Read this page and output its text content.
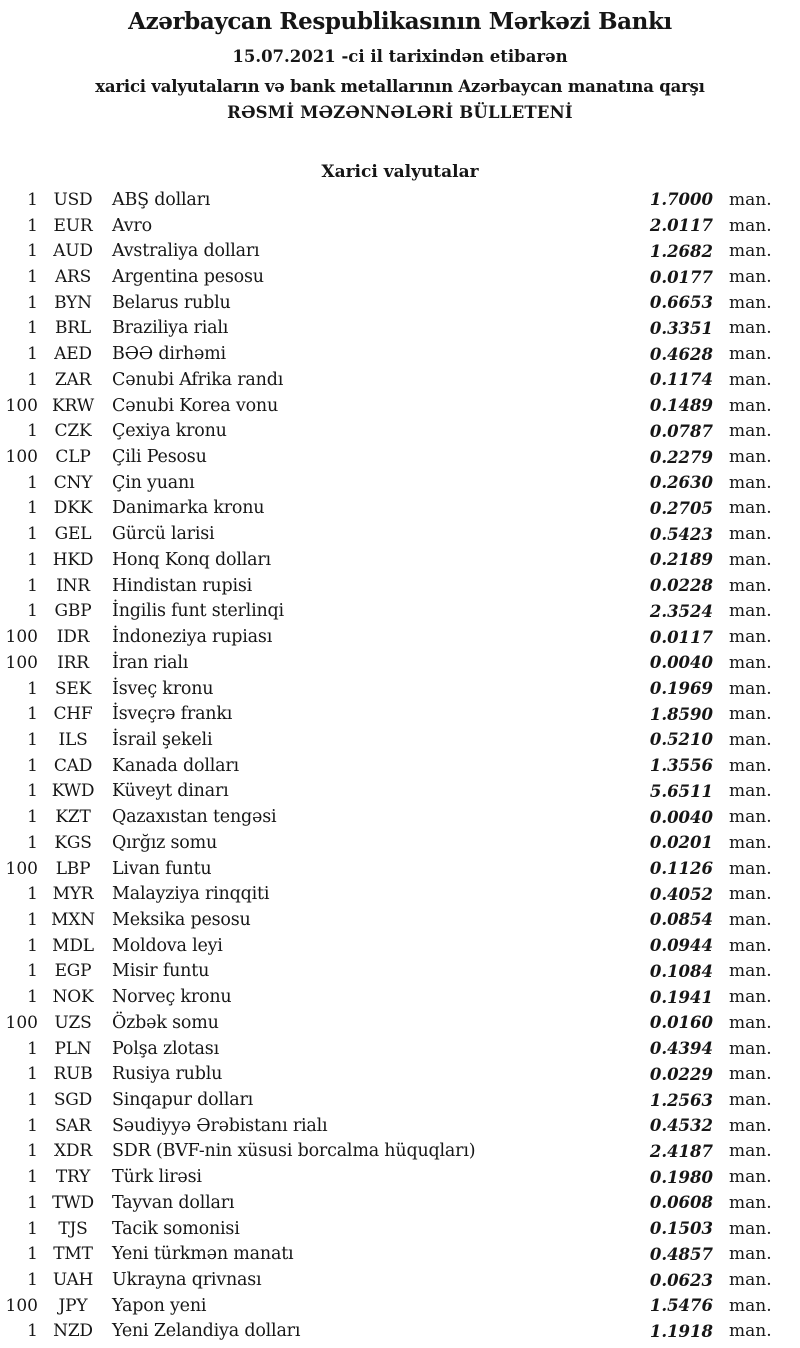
Azərbaycan Respublikasının Mərkəzi Bankı
15.07.2021 -ci il tarixindən etibarən
xarici valyutaların və bank metallarının Azərbaycan manatına qarşı
RƏSMİ MƏZƏNNƏLƏRİ BÜLLETENİ
Xarici valyutalar
1 USD	ABŞ dolları	1.7000 man.
1 EUR	Avro	2.0117 man.
1 AUD	Avstraliya dolları	1.2682 man.
1 ARS	Argentina pesosu	0.0177 man.
1 BYN	Belarus rublu	0.6653 man.
1	BRL	Braziliya rialı	0.3351 man.
1 AED	BƏƏ dirhəmi	0.4628 man.
1 ZAR	Cənubi Afrika randı	0.1174 man.
100 KRW	Cənubi Korea vonu	0.1489 man.
1 CZK	Çexiya kronu	0.0787 man.
100	CLP	Çili Pesosu	0.2279 man.
1 CNY	Çin yuanı	0.2630 man.
1 DKK	Danimarka kronu	0.2705 man.
1 GEL	Gürcü larisi	0.5423 man.
1 HKD	Honq Konq dolları	0.2189 man.
1	INR	Hindistan rupisi	0.0228 man.
1 GBP	İngilis funt sterlinqi	2.3524 man.
100	IDR	İndoneziya rupiası	0.0117 man.
100	IRR	İran rialı	0.0040 man.
1 SEK	İsveç kronu	0.1969 man.
1 CHF	İsveçrə frankı	1.8590 man.
1	ILS	İsrail şekeli	0.5210 man.
1 CAD	Kanada dolları	1.3556 man.
1 KWD	Küveyt dinarı	5.6511 man.
1	KZT	Qazaxıstan tengəsi	0.0040 man.
1 KGS	Qırğız somu	0.0201 man.
100	LBP	Livan funtu	0.1126 man.
1 MYR	Malayziya rinqqiti	0.4052 man.
1 MXN Meksika pesosu	0.0854 man.
1 MDL	Moldova leyi	0.0944 man.
1 EGP	Misir funtu	0.1084 man.
1 NOK	Norveç kronu	0.1941 man.
100 UZS	Özbək somu	0.0160 man.
1 PLN	Polşa zlotası	0.4394 man.
1 RUB	Rusiya rublu	0.0229 man.
1 SGD	Sinqapur dolları	1.2563 man.
1 SAR	Səudiyyə Ərəbistanı rialı	0.4532 man.
1 XDR	SDR (BVF-nin xüsusi borcalma hüquqları)	2.4187 man.
1	TRY	Türk lirəsi	0.1980 man.
1 TWD	Tayvan dolları	0.0608 man.
1	TJS	Tacik somonisi	0.1503 man.
1 TMT	Yeni türkmən manatı	0.4857 man.
1 UAH	Ukrayna qrivnası	0.0623 man.
100	JPY	Yapon yeni	1.5476 man.
1 NZD	Yeni Zelandiya dolları	1.1918 man.
